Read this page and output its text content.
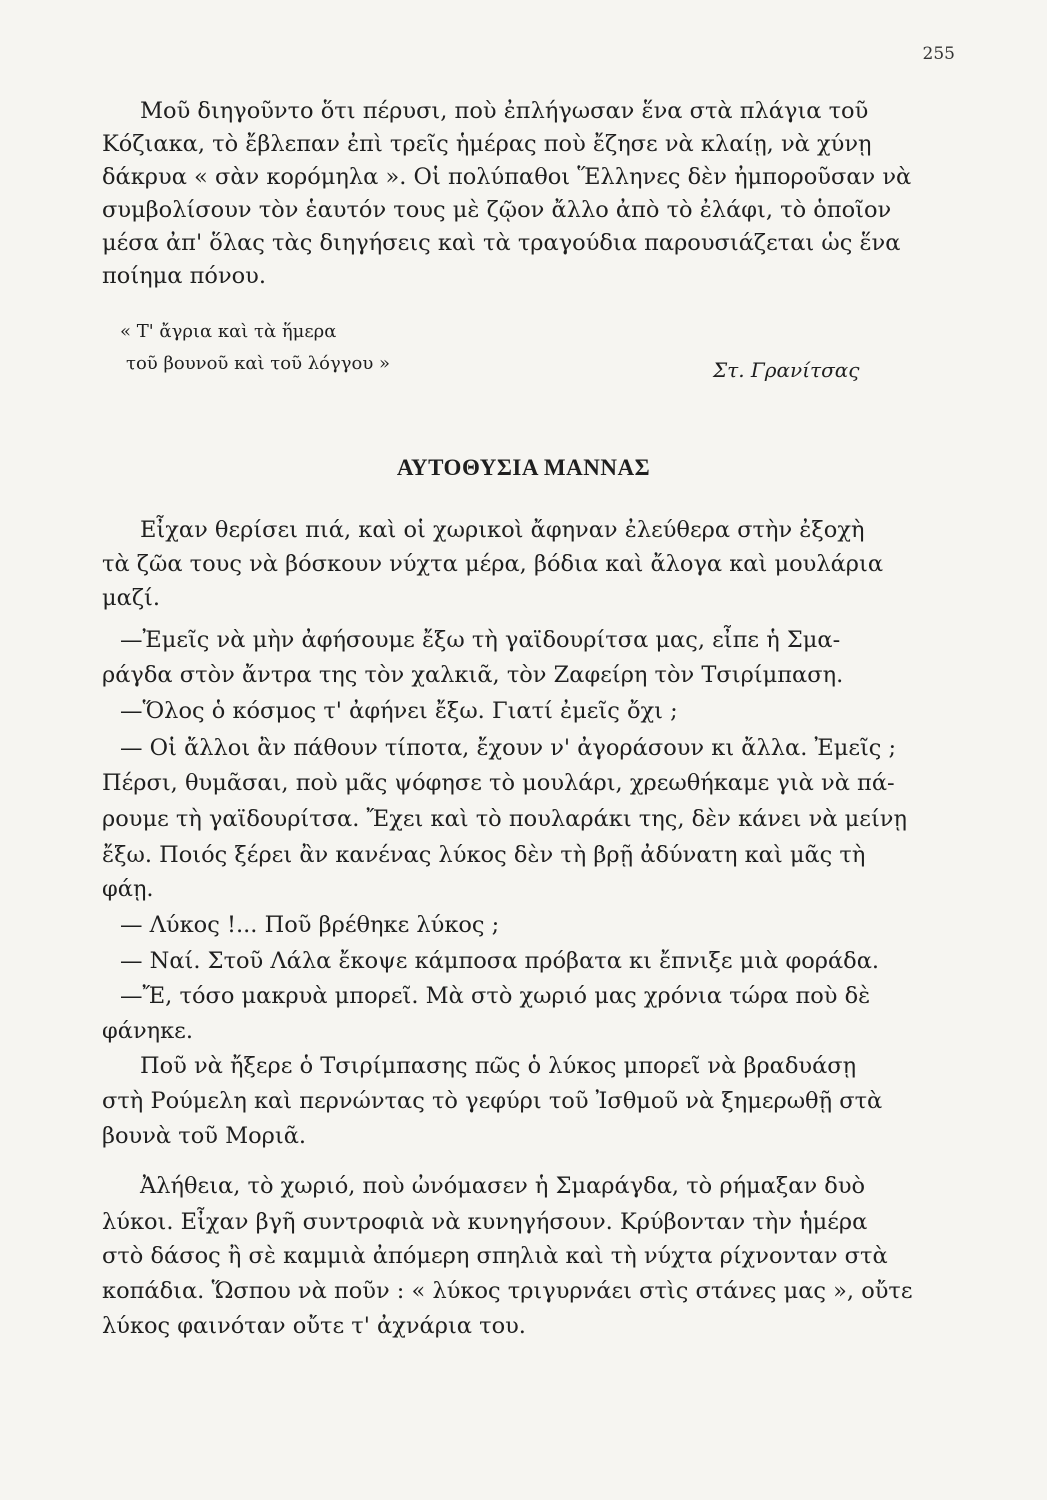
255
Μοῦ διηγοῦντο ὅτι πέρυσι, ποὺ ἐπλήγωσαν ἕνα στὰ πλάγια τοῦ
Κόζιακα, τὸ ἔβλεπαν ἐπὶ τρεῖς ἡμέρας ποὺ ἔζησε νὰ κλαίῃ, νὰ χύνῃ
δάκρυα « σὰν κορόμηλα ». Οἱ πολύπαθοι Ἕλληνες δὲν ἠμποροῦσαν νὰ
συμβολίσουν τὸν ἑαυτόν τους μὲ ζῷον ἄλλο ἀπὸ τὸ ἐλάφι, τὸ ὁποῖον
μέσα ἀπ' ὅλας τὰς διηγήσεις καὶ τὰ τραγούδια παρουσιάζεται ὡς ἕνα
ποίημα πόνου.
« Τ' ἄγρια καὶ τὰ ἥμερα
τοῦ βουνοῦ καὶ τοῦ λόγγου »	Στ. Γρανίτσας
ΑΥΤΟΘΥΣΙΑ ΜΑΝΝΑΣ
Εἶχαν θερίσει πιά, καὶ οἱ χωρικοὶ ἄφηναν ἐλεύθερα στὴν ἐξοχὴ
τὰ ζῶα τους νὰ βόσκουν νύχτα μέρα, βόδια καὶ ἄλογα καὶ μουλάρια
μαζί.
—Ἐμεῖς νὰ μὴν ἀφήσουμε ἔξω τὴ γαϊδουρίτσα μας, εἶπε ἡ Σμα-
ράγδα στὸν ἄντρα της τὸν χαλκιᾶ, τὸν Ζαφείρη τὸν Τσιρίμπαση.
—Ὅλος ὁ κόσμος τ' ἀφήνει ἔξω. Γιατί ἐμεῖς ὄχι ;
— Οἱ ἄλλοι ἂν πάθουν τίποτα, ἔχουν ν' ἀγοράσουν κι ἄλλα. Ἐμεῖς ;
Πέρσι, θυμᾶσαι, ποὺ μᾶς ψόφησε τὸ μουλάρι, χρεωθήκαμε γιὰ νὰ πά-
ρουμε τὴ γαϊδουρίτσα. Ἔχει καὶ τὸ πουλαράκι της, δὲν κάνει νὰ μείνῃ
ἔξω. Ποιός ξέρει ἂν κανένας λύκος δὲν τὴ βρῇ ἀδύνατη καὶ μᾶς τὴ
φάῃ.
— Λύκος !... Ποῦ βρέθηκε λύκος ;
— Ναί. Στοῦ Λάλα ἔκοψε κάμποσα πρόβατα κι ἔπνιξε μιὰ φοράδα.
—Ἔ, τόσο μακρυὰ μπορεῖ. Μὰ στὸ χωριό μας χρόνια τώρα ποὺ δὲ
φάνηκε.
Ποῦ νὰ ἤξερε ὁ Τσιρίμπασης πῶς ὁ λύκος μπορεῖ νὰ βραδυάσῃ
στὴ Ρούμελη καὶ περνώντας τὸ γεφύρι τοῦ Ἰσθμοῦ νὰ ξημερωθῇ στὰ
βουνὰ τοῦ Μοριᾶ.
Ἀλήθεια, τὸ χωριό, ποὺ ὠνόμασεν ἡ Σμαράγδα, τὸ ρήμαξαν δυὸ
λύκοι. Εἶχαν βγῆ συντροφιὰ νὰ κυνηγήσουν. Κρύβονταν τὴν ἡμέρα
στὸ δάσος ἢ σὲ καμμιὰ ἀπόμερη σπηλιὰ καὶ τὴ νύχτα ρίχνονταν στὰ
κοπάδια. Ὥσπου νὰ ποῦν : « λύκος τριγυρνάει στὶς στάνες μας », οὔτε
λύκος φαινόταν οὔτε τ' ἀχνάρια του.
